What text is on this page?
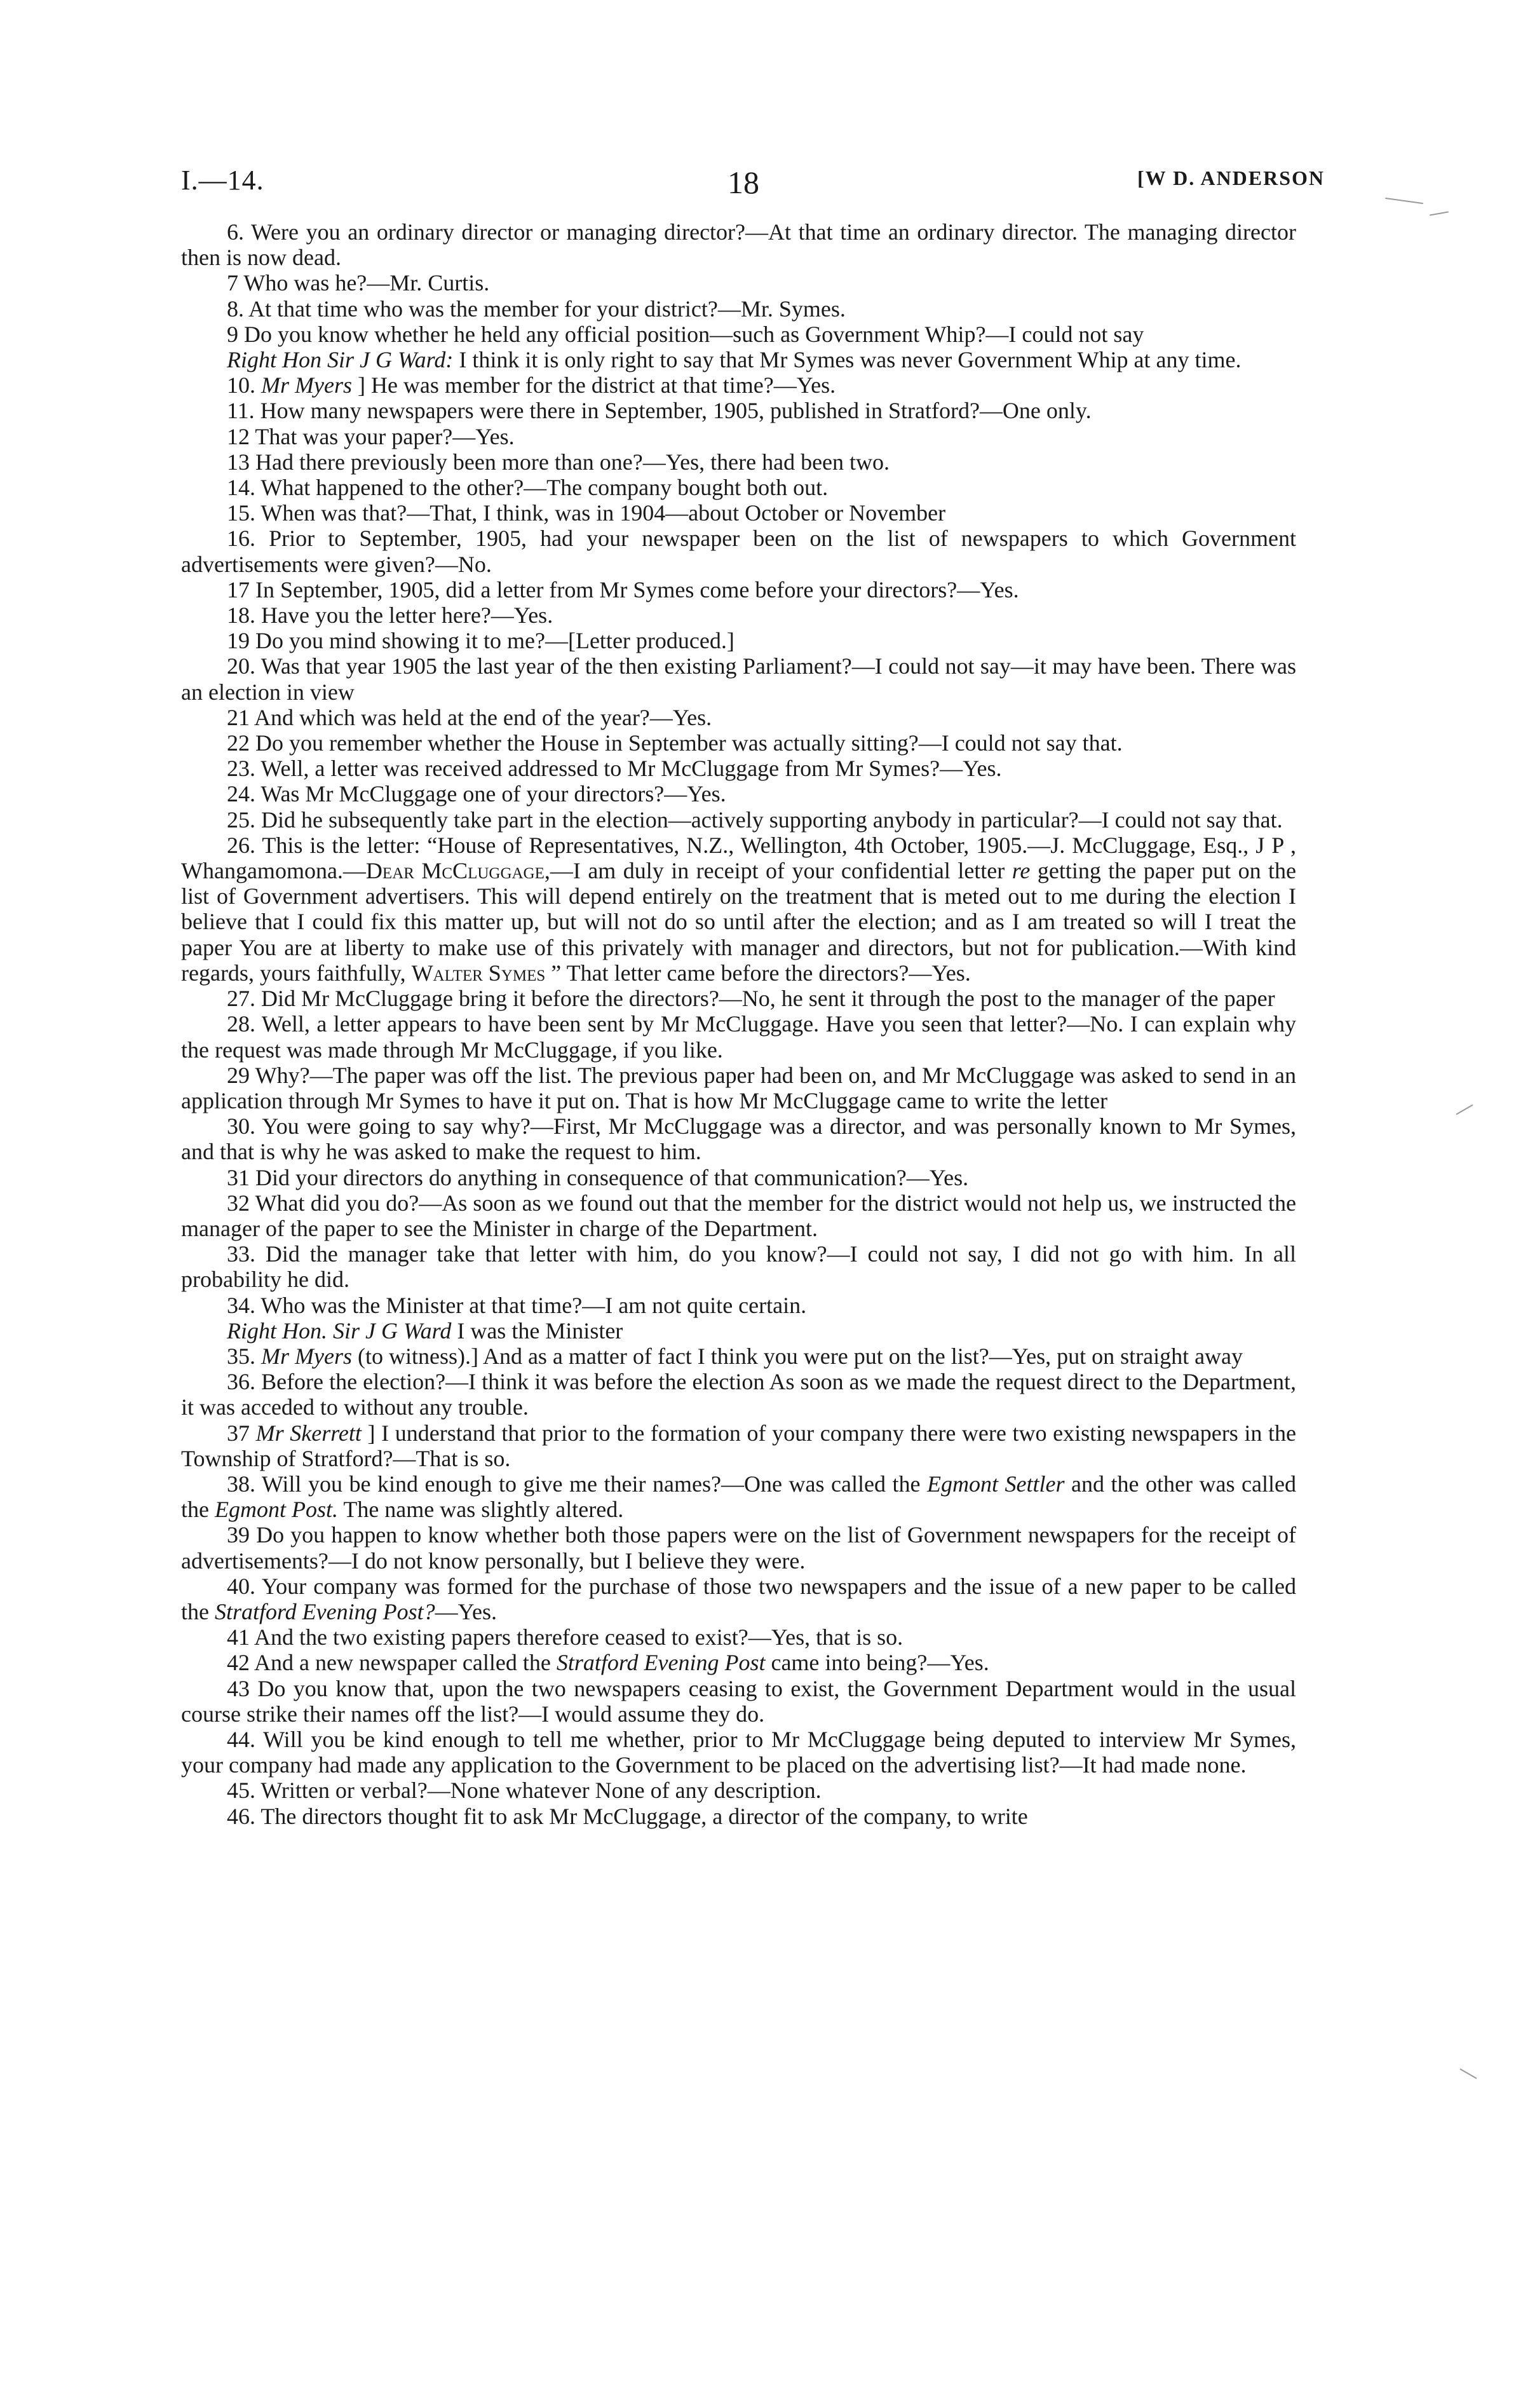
I.—14.	18	[W D. ANDERSON

6. Were you an ordinary director or managing director?—At that time an ordinary director. The managing director then is now dead.

7 Who was he?—Mr. Curtis.

8. At that time who was the member for your district?—Mr. Symes.

9 Do you know whether he held any official position—such as Government Whip?—I could not say

Right Hon Sir J G Ward: I think it is only right to say that Mr Symes was never Government Whip at any time.

10. Mr Myers ] He was member for the district at that time?—Yes.

11. How many newspapers were there in September, 1905, published in Stratford?—One only.

12 That was your paper?—Yes.

13 Had there previously been more than one?—Yes, there had been two.

14. What happened to the other?—The company bought both out.

15. When was that?—That, I think, was in 1904—about October or November

16. Prior to September, 1905, had your newspaper been on the list of newspapers to which Government advertisements were given?—No.

17 In September, 1905, did a letter from Mr Symes come before your directors?—Yes.

18. Have you the letter here?—Yes.

19 Do you mind showing it to me?—[Letter produced.]

20. Was that year 1905 the last year of the then existing Parliament?—I could not say—it may have been. There was an election in view

21 And which was held at the end of the year?—Yes.

22 Do you remember whether the House in September was actually sitting?—I could not say that.

23. Well, a letter was received addressed to Mr McCluggage from Mr Symes?—Yes.

24. Was Mr McCluggage one of your directors?—Yes.

25. Did he subsequently take part in the election—actively supporting anybody in particular?—I could not say that.

26. This is the letter: “House of Representatives, N.Z., Wellington, 4th October, 1905.—J. McCluggage, Esq., J P , Whangamomona.—Dear McCluggage,—I am duly in receipt of your confidential letter re getting the paper put on the list of Government advertisers. This will depend entirely on the treatment that is meted out to me during the election I believe that I could fix this matter up, but will not do so until after the election; and as I am treated so will I treat the paper You are at liberty to make use of this privately with manager and directors, but not for publication.—With kind regards, yours faithfully, Walter Symes ” That letter came before the directors?—Yes.

27. Did Mr McCluggage bring it before the directors?—No, he sent it through the post to the manager of the paper

28. Well, a letter appears to have been sent by Mr McCluggage. Have you seen that letter?—No. I can explain why the request was made through Mr McCluggage, if you like.

29 Why?—The paper was off the list. The previous paper had been on, and Mr McCluggage was asked to send in an application through Mr Symes to have it put on. That is how Mr McCluggage came to write the letter

30. You were going to say why?—First, Mr McCluggage was a director, and was personally known to Mr Symes, and that is why he was asked to make the request to him.

31 Did your directors do anything in consequence of that communication?—Yes.

32 What did you do?—As soon as we found out that the member for the district would not help us, we instructed the manager of the paper to see the Minister in charge of the Department.

33. Did the manager take that letter with him, do you know?—I could not say, I did not go with him. In all probability he did.

34. Who was the Minister at that time?—I am not quite certain.

Right Hon. Sir J G Ward I was the Minister

35. Mr Myers (to witness).] And as a matter of fact I think you were put on the list?—Yes, put on straight away

36. Before the election?—I think it was before the election As soon as we made the request direct to the Department, it was acceded to without any trouble.

37 Mr Skerrett ] I understand that prior to the formation of your company there were two existing newspapers in the Township of Stratford?—That is so.

38. Will you be kind enough to give me their names?—One was called the Egmont Settler and the other was called the Egmont Post. The name was slightly altered.

39 Do you happen to know whether both those papers were on the list of Government newspapers for the receipt of advertisements?—I do not know personally, but I believe they were.

40. Your company was formed for the purchase of those two newspapers and the issue of a new paper to be called the Stratford Evening Post?—Yes.

41 And the two existing papers therefore ceased to exist?—Yes, that is so.

42 And a new newspaper called the Stratford Evening Post came into being?—Yes.

43 Do you know that, upon the two newspapers ceasing to exist, the Government Department would in the usual course strike their names off the list?—I would assume they do.

44. Will you be kind enough to tell me whether, prior to Mr McCluggage being deputed to interview Mr Symes, your company had made any application to the Government to be placed on the advertising list?—It had made none.

45. Written or verbal?—None whatever None of any description.

46. The directors thought fit to ask Mr McCluggage, a director of the company, to write
